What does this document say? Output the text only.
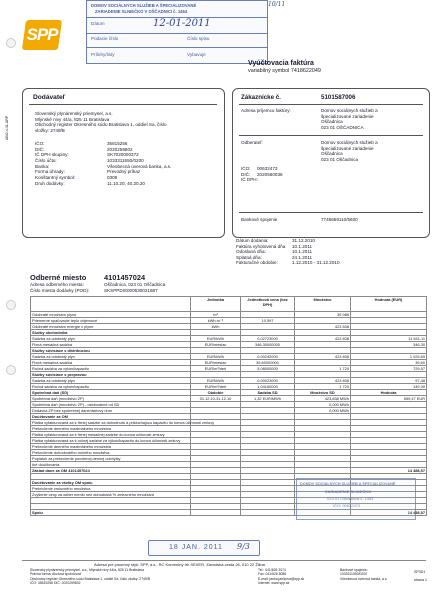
10/11
SPP
DOMOV SOCIÁLNYCH SLUŽIEB A ŠPECIALIZOVANÉ
ZARIADENIE SLNIEČKO V OŠČADNICI č. 1464
Dátum	12-01-2011
Podacie číslo	Číslo spisu
Prílohy/listy	Vybavuje
Vyúčtovacia faktúra
variabilný symbol 7418622049
ABO-4-11-ARP
Dodávateľ
Slovenský plynárenský priemysel, a.s.
Mlynské nivy 44/a, 825 11 Bratislava
Obchodný register Okresného súdu Bratislava 1, oddiel Sa, číslo
vložky: 2749/B
IČO:	35815256
DIČ:	2020259802
IČ DPH skupiny:	SK7020000372
Číslo účtu:	1033311550/0200
Banka:	Všeobecná úverová banka, a.s.
Forma úhrady:	Prevodný príkaz
Konštantný symbol:	0308
Druh dodávky:	11.10.20, 40.20.20
Zákaznícke č.	5101587006
Adresa príjemcu faktúry:	Domov sociálnych služieb a
špecializované zariadenie
Oščadnica
023 01 OŠČADNICA
Odberateľ:	Domov sociálnych služieb a
špecializované zariadenie
Oščadnica
023 01 Oščadnica
IČO: 00632473
DIČ: 2020560036
IČ DPH:
Bankové spojenie	7746659110/5600
Dátum dodania:	31.12.2010
Faktúra vyhotovená dňa 10.1.2011
Odoslaná dňa:	10.1.2011
Splatná dňa:	24.1.2011
Fakturačné obdobie:	1.12.2010 - 31.12.2010
Odberné miesto 4101457024
Adresa odberného miesta:	Oščadnica, 023 01 Oščadnica
Číslo miesta dodávky (POD):	SKSPPDIS000530021887
	Jednotka	Jednotková cena (bez DPH)	Množstvo	Hodnota (EUR)
Odobraté množstvo plynu	m³		39 986	
Priemerné spaľovacie teplo objemové	kWh.m⁻³	10,597		
Odobraté množstvo energie v plyne	kWh		423 838	
Služby obchodníka				
Sadzba za odobratý plyn	EUR/kWh	0,02723000	423 838	11 541,11
Fixná mesačná sadzba	EUR/mesiac	346,30000000		346,30
Služby súvisiace s distribúciou				
Sadzba za odobratý plyn	EUR/kWh	0,00242000	423 838	1 025,69
Fixná mesačná sadzba	EUR/mesiac	39,60000000		39,60
Ročná sadzba za vykon/kapacitu	EUR/m³/deň	5,08000000	1 720	729,57
Služby súvisiace s prepravou				
Sadzba za odobratý plyn	EUR/kWh	0,00023000	423 838	97,48
Ročná sadzba za vykon/kapacitu	EUR/m³/deň	1,04160000	1 720	149,30
Spotrebná daň (SD)	Obdobie	Sadzba SD	Množstvo SD	Hodnota
Spotrebná daň (množstvo ZP)	01.12.10-31.12.10	1,32 EUR/MWh	423,838 MWh	559,47 EUR
Spotrebná daň (množstvo ZP) - oslobodené od SD			0,000 MWh	
Dodávka ZP bez spotrebnej dane/daňový úhrn			0,000 MWh	
Doúčtovanie za OM				
Platba vyfakturovaná za k fixnej sadzbe za dohodnutú a prisluchajúcu kapacitu do konca účinnosti zmluvy				
Prekročenie denného maximálneho množstva				
Platba vyfakturovaná za k fixnej mesačnej sadzbe do konca účinnosti zmluvy				
Platba vyfakturovaná za k ročnej sadzbe za výkon/kapacitu do konca účinnosti zmluvy				
Prekročenie denného maximálneho množstva				
Prekročenie dohodnutého ročného množstva				
Poplatok za prekročenie povolenej dennej odchýlky				
Iné doúčtovania				
Základ dane za OM 4101457024				14 488,57

Doúčtovanie za všetky OM spolu				
Prekročenie zmluvného množstva				
Zvýšenie ceny za odber menší než dohodnutá % zmluvného množstva				

Spolu				14 488,57
DOMOV SOCIÁLNYCH SLUŽIEB A ŠPECIALIZOVANÉ
ZARIADENIE SLNIEČKO
023 01 Oščadnica č. 1464
IČO: 00632473
18 JAN. 2011 9/3
Adresa pre písomný styk: SPP, a.s., RC Komerčný trh SEVER, Závodská cesta 26, 010 22 Žilina
Slovenský plynárenský priemysel, a.s., Mlynské nivy 44/a, 825 11 Bratislava
Právna forma: Akciová spoločnosť
Obchodný register Okresného súdu Bratislava 1, oddiel Sa, číslo vložky: 2749/B
IČO: 35815256 DIČ: 2020259802
Tel.: 041/626 2074
Fax: 041/626 8086
E-mail: janka.janikova@spp.sk
Internet: www.spp.sk
Bankové spojenie:
1033311550/0200
Všeobecná úverová banka, a.s.
SP3D1
strana 1
